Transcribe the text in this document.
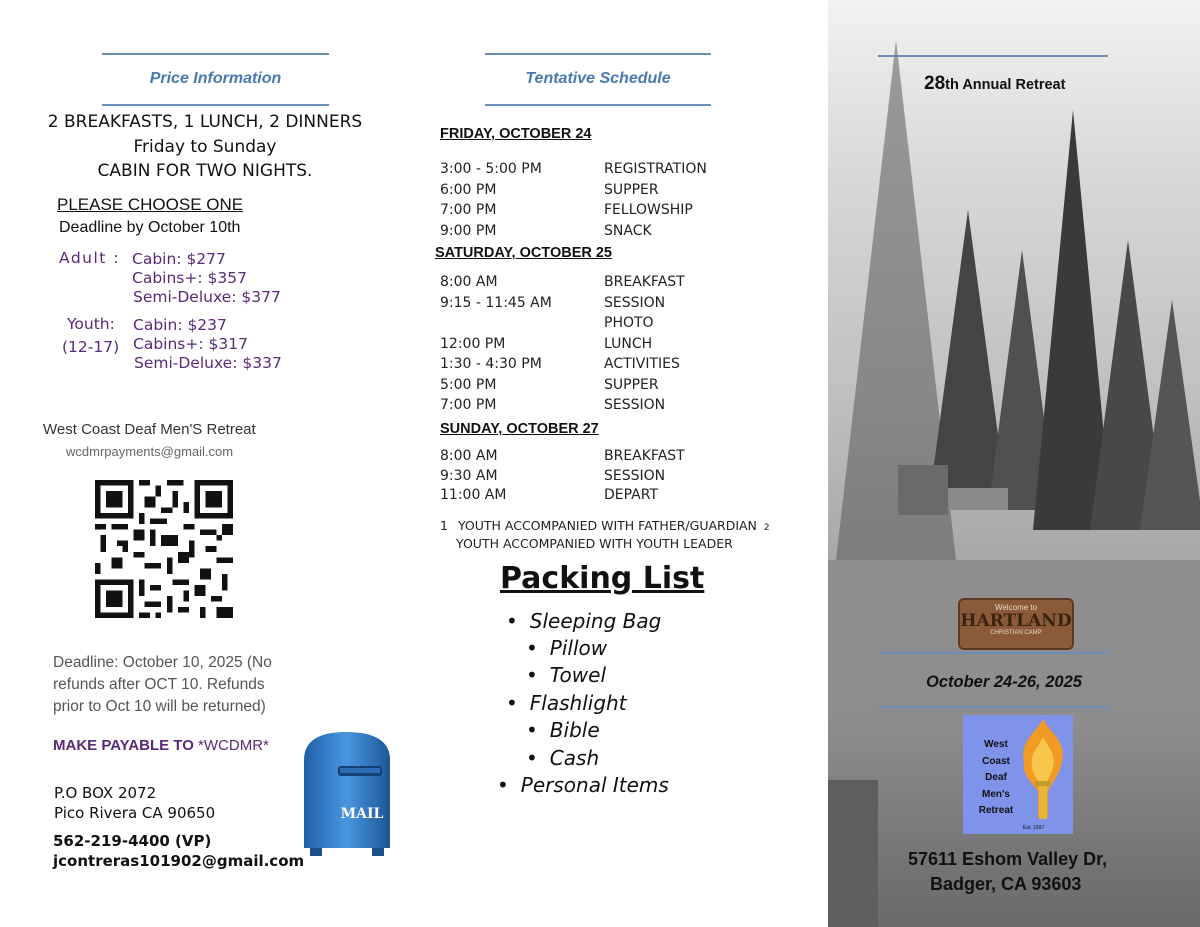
Price Information
2 BREAKFASTS, 1 LUNCH, 2 DINNERS
Friday to Sunday
CABIN FOR TWO NIGHTS.
PLEASE CHOOSE ONE
Deadline by October 10th
Adult : Cabin: $277
Cabins+: $357
Semi-Deluxe: $377
Youth:
(12-17)
Cabin: $237
Cabins+: $317
Semi-Deluxe: $337
West Coast Deaf Men'S Retreat
wcdmrpayments@gmail.com
Deadline: October 10, 2025 (No
refunds after OCT 10. Refunds
prior to Oct 10 will be returned)
MAKE PAYABLE TO *WCDMR*
MAIL
P.O BOX 2072
Pico Rivera CA 90650
562-219-4400 (VP)
jcontreras101902@gmail.com
Tentative Schedule
FRIDAY, OCTOBER 24
3:00 - 5:00 PM
6:00 PM
7:00 PM
9:00 PM
REGISTRATION
SUPPER
FELLOWSHIP
SNACK
SATURDAY, OCTOBER 25
8:00 AM
9:15 - 11:45 AM
12:00 PM
1:30 - 4:30 PM
5:00 PM
7:00 PM
BREAKFAST
SESSION
PHOTO
LUNCH
ACTIVITIES
SUPPER
SESSION
SUNDAY, OCTOBER 27
8:00 AM
9:30 AM
11:00 AM
BREAKFAST
SESSION
DEPART
1 YOUTH ACCOMPANIED WITH FATHER/GUARDIAN 2
YOUTH ACCOMPANIED WITH YOUTH LEADER
Packing List
• Sleeping Bag
• Pillow
• Towel
• Flashlight
• Bible
• Cash
• Personal Items
28th Annual Retreat
Welcome to
HARTLAND
CHRISTIAN CAMP
October 24-26, 2025
West
Coast
Deaf
Men's
Retreat
Est. 1997
57611 Eshom Valley Dr,
Badger, CA 93603
